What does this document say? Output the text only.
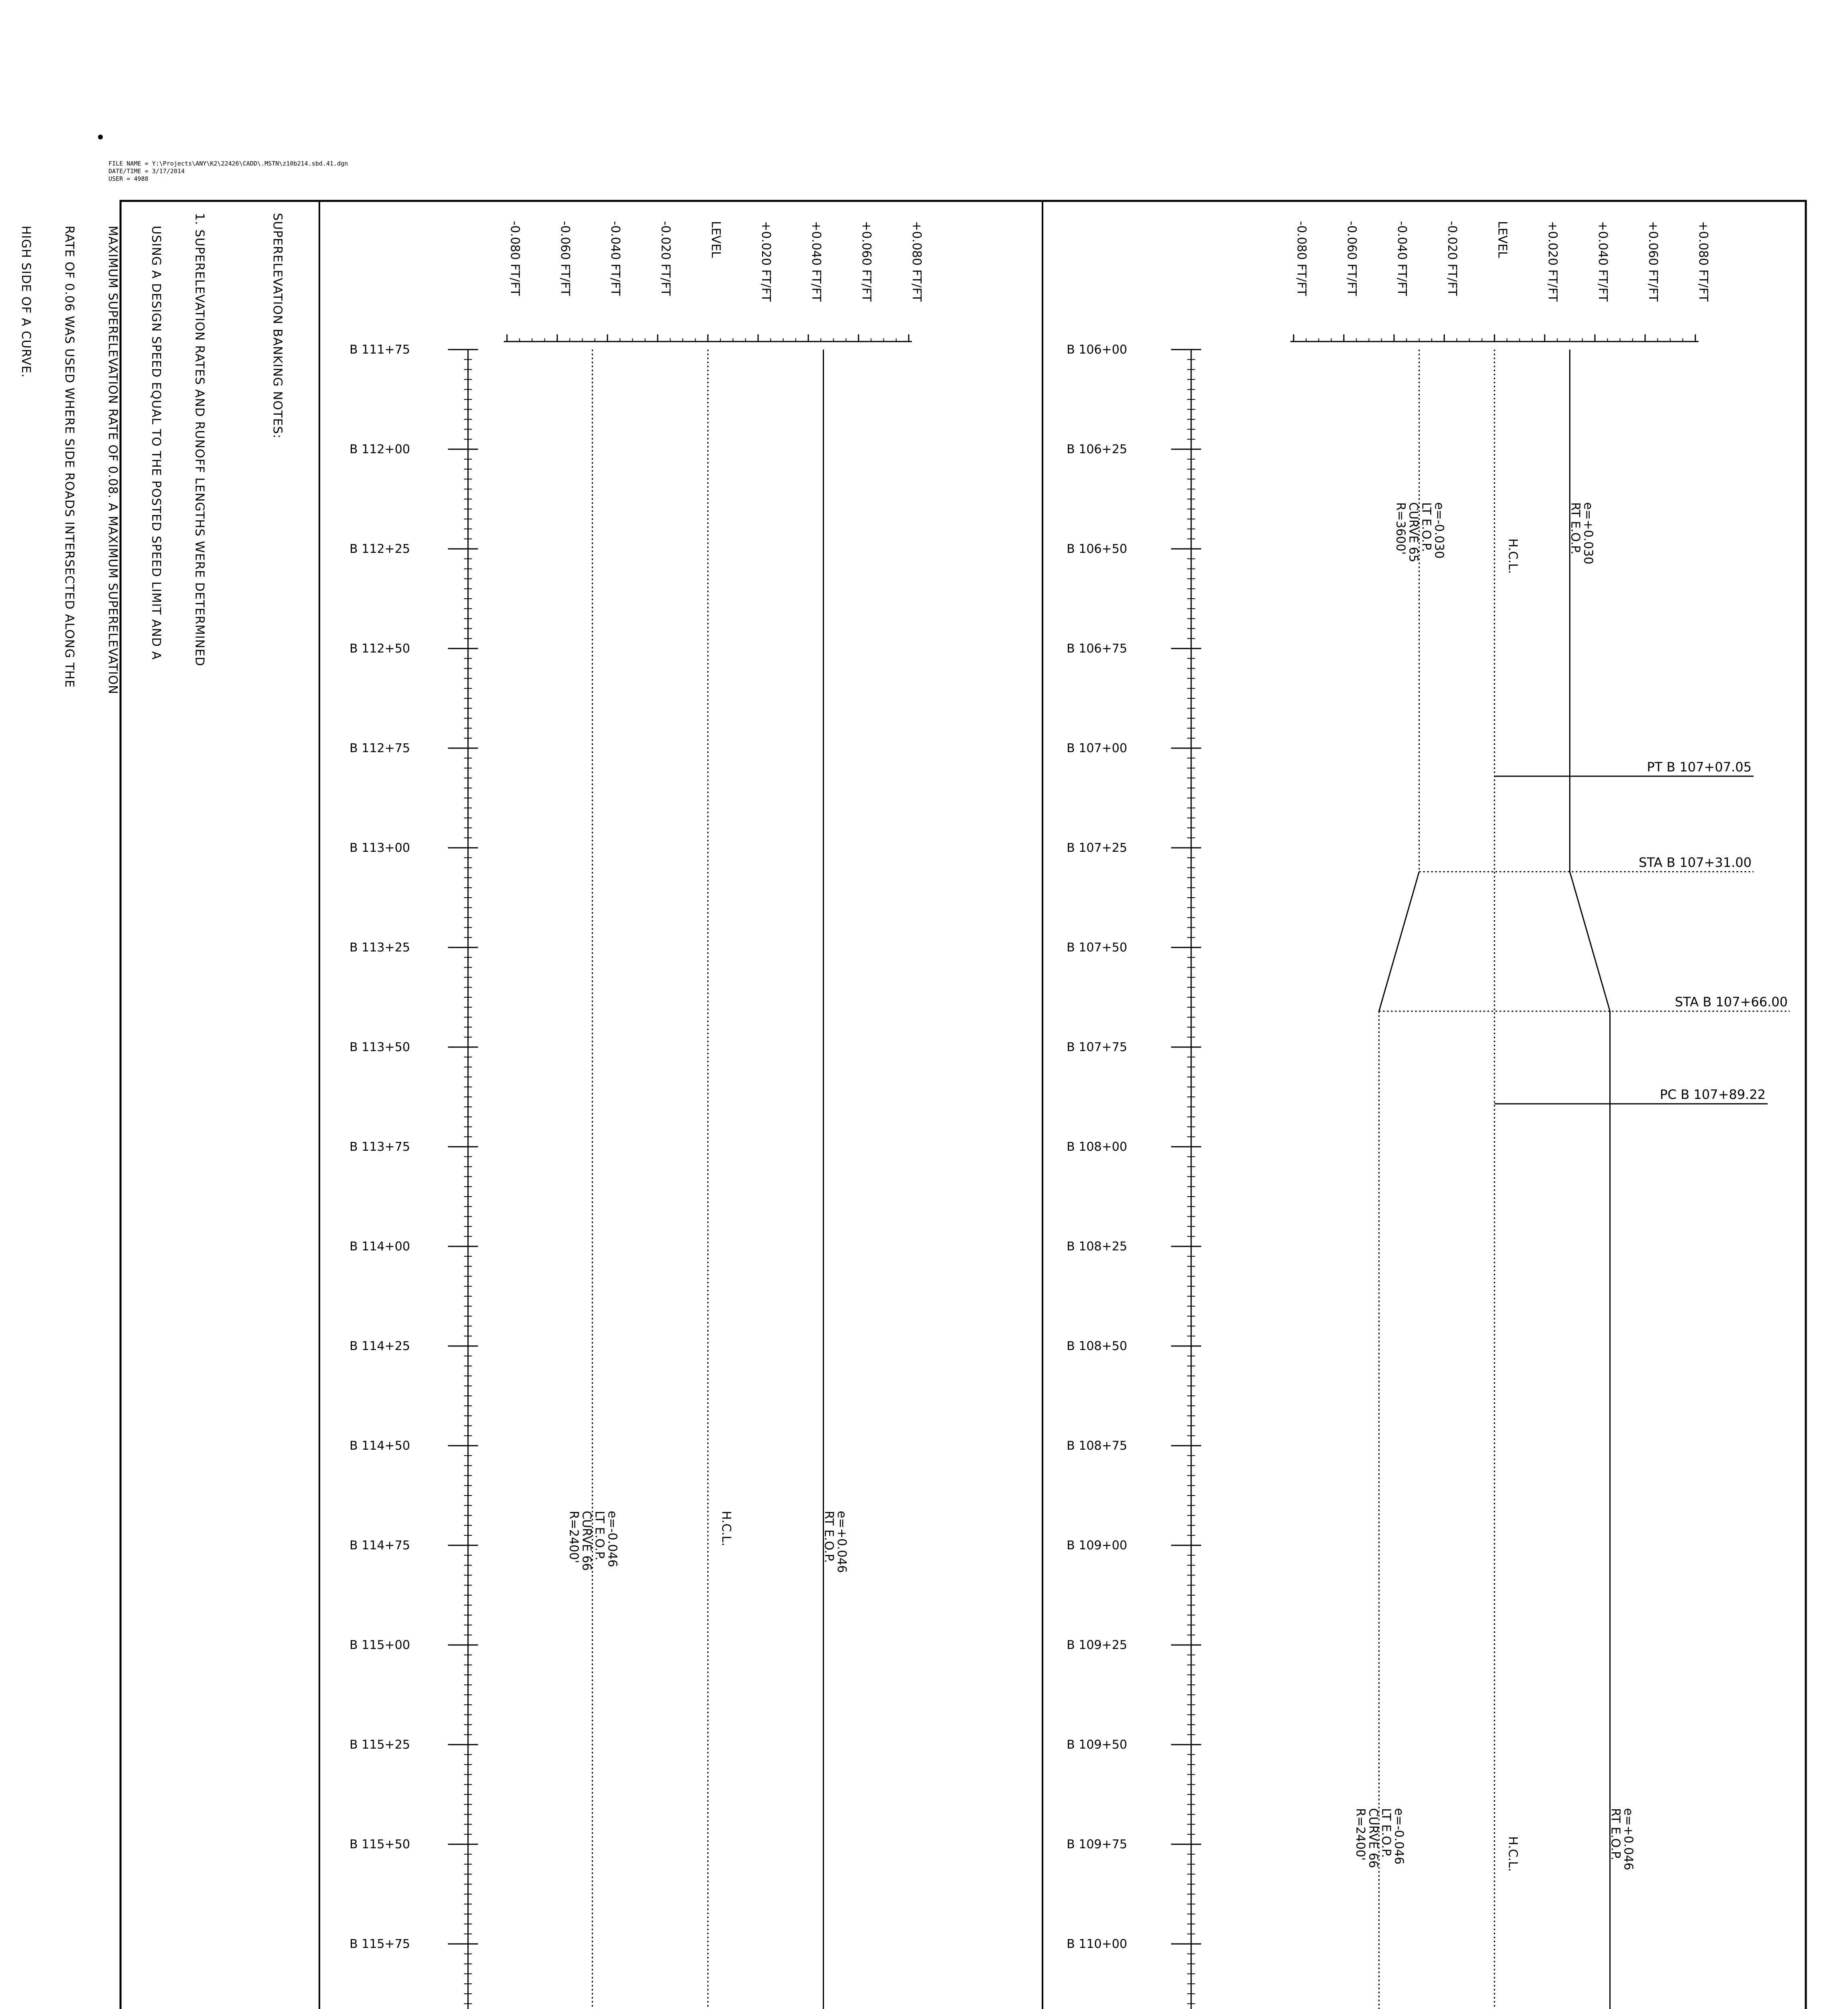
FILE NAME = Y:\Projects\ANY\K2\22426\CADD\.MSTN\z10b214.sbd.41.dgn
DATE/TIME = 3/17/2014
USER = 4988

SUPERELEVATION BANKING NOTES:

1. SUPERELEVATION RATES AND RUNOFF LENGTHS WERE DETERMINED

USING A DESIGN SPEED EQUAL TO THE POSTED SPEED LIMIT AND A

MAXIMUM SUPERELEVATION RATE OF 0.08. A MAXIMUM SUPERELEVATION

RATE OF 0.06 WAS USED WHERE SIDE ROADS INTERSECTED ALONG THE

HIGH SIDE OF A CURVE.

	B 111+75
B 112+00
B 112+25
B 112+50
B 112+75
B 113+00
B 113+25
B 113+50
B 113+75
B 114+00
B 114+25
B 114+50
B 114+75
B 115+00
B 115+25
B 115+50
B 115+75
-0.080 FT/FT	-0.060 FT/FT	-0.040 FT/FT	-0.020 FT/FT	LEVEL	+0.020 FT/FT	+0.040 FT/FT	+0.060 FT/FT	+0.080 FT/FT
e=-0.046
LT E.O.P.
CURVE 66
R=2400'	H.C.L.	e=+0.046
RT E.O.P.
B 106+00
B 106+25
B 106+50
B 106+75
B 107+00
B 107+25
B 107+50
B 107+75
B 108+00
B 108+25
B 108+50
B 108+75
B 109+00
B 109+25
B 109+50
B 109+75
B 110+00
-0.080 FT/FT	-0.060 FT/FT	-0.040 FT/FT	-0.020 FT/FT	LEVEL	+0.020 FT/FT	+0.040 FT/FT	+0.060 FT/FT	+0.080 FT/FT
PT B 107+07.05
STA B 107+31.00
STA B 107+66.00
PC B 107+89.22
e=-0.030
LT E.O.P.
CURVE 65
R=3600'
H.C.L.	e=+0.030
RT E.O.P.
e=-0.046
LT E.O.P.
CURVE 66
R=2400'	H.C.L.	e=+0.046
RT E.O.P.
